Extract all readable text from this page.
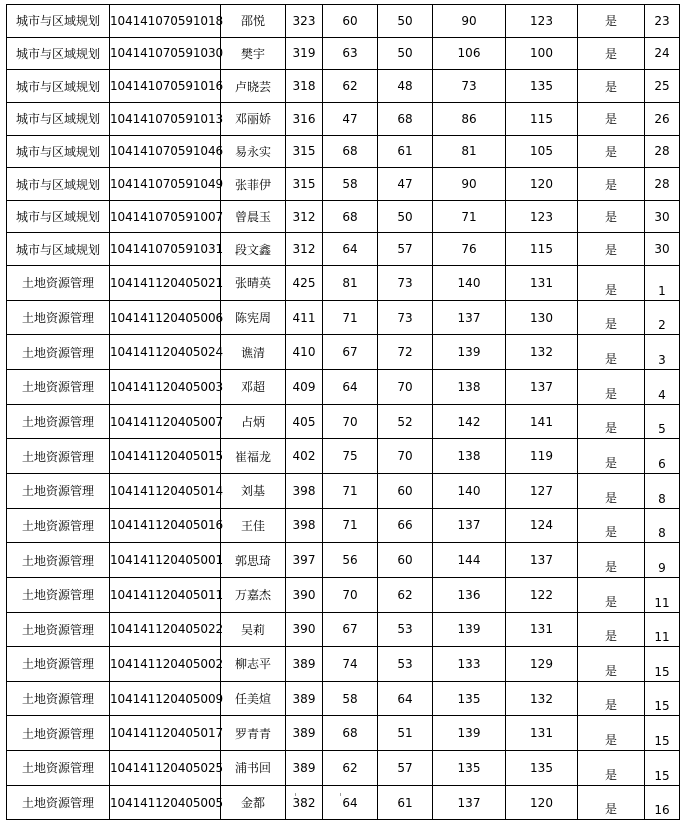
城市与区域规划	104141070591018	邵悦	323	60	50	90	123	是	23
城市与区域规划	104141070591030	樊宇	319	63	50	106	100	是	24
城市与区域规划	104141070591016	卢晓芸	318	62	48	73	135	是	25
城市与区域规划	104141070591013	邓丽娇	316	47	68	86	115	是	26
城市与区域规划	104141070591046	易永实	315	68	61	81	105	是	28
城市与区域规划	104141070591049	张菲伊	315	58	47	90	120	是	28
城市与区域规划	104141070591007	曾晨玉	312	68	50	71	123	是	30
城市与区域规划	104141070591031	段文鑫	312	64	57	76	115	是	30
土地资源管理	104141120405021	张晴英	425	81	73	140	131	是	1
土地资源管理	104141120405006	陈宪周	411	71	73	137	130	是	2
土地资源管理	104141120405024	谯清	410	67	72	139	132	是	3
土地资源管理	104141120405003	邓超	409	64	70	138	137	是	4
土地资源管理	104141120405007	占炳	405	70	52	142	141	是	5
土地资源管理	104141120405015	崔福龙	402	75	70	138	119	是	6
土地资源管理	104141120405014	刘基	398	71	60	140	127	是	8
土地资源管理	104141120405016	王佳	398	71	66	137	124	是	8
土地资源管理	104141120405001	郭思琦	397	56	60	144	137	是	9
土地资源管理	104141120405011	万嘉杰	390	70	62	136	122	是	11
土地资源管理	104141120405022	吴莉	390	67	53	139	131	是	11
土地资源管理	104141120405002	柳志平	389	74	53	133	129	是	15
土地资源管理	104141120405009	任美煊	389	58	64	135	132	是	15
土地资源管理	104141120405017	罗青青	389	68	51	139	131	是	15
土地资源管理	104141120405025	浦书回	389	62	57	135	135	是	15
土地资源管理	104141120405005	金都	382	64	61	137	120	是	16
